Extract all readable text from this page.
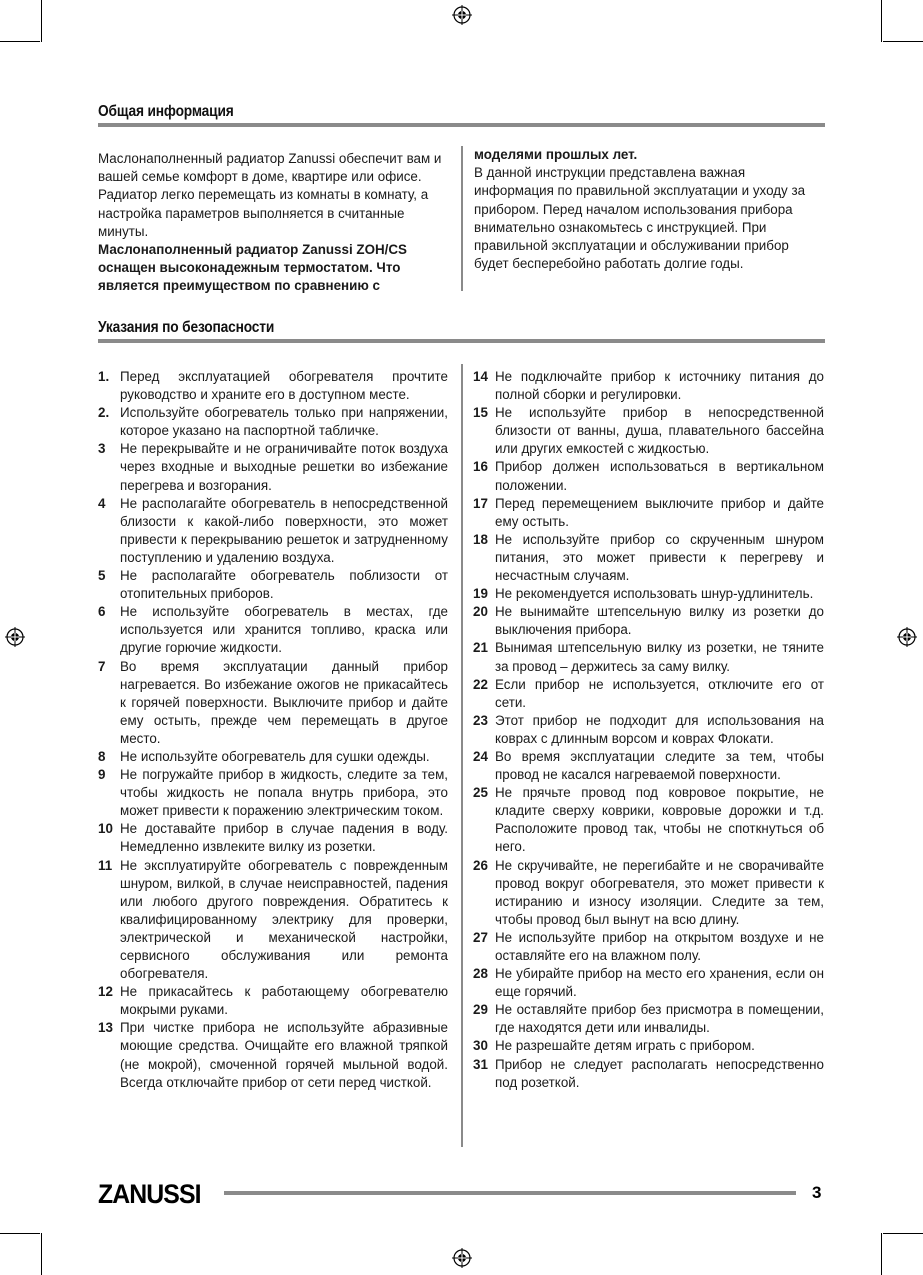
Общая информация

Маслонаполненный радиатор Zanussi обеспечит вам и вашей семье комфорт в доме, квартире или офисе. Радиатор легко перемещать из комнаты в комнату, а настройка параметров выполняется в считанные минуты.

Маслонаполненный радиатор Zanussi ZOH/CS оснащен высоконадежным термостатом. Что является преимуществом по сравнению с

моделями прошлых лет.

В данной инструкции представлена важная информация по правильной эксплуатации и уходу за прибором. Перед началом использования прибора внимательно ознакомьтесь с инструкцией. При правильной эксплуатации и обслуживании прибор будет бесперебойно работать долгие годы.

Указания по безопасности
1. Перед эксплуатацией обогревателя прочтите руководство и храните его в доступном месте.
2. Используйте обогреватель только при напряжении, которое указано на паспортной табличке.
3 Не перекрывайте и не ограничивайте поток воздуха через входные и выходные решетки во избежание перегрева и возгорания.
4 Не располагайте обогреватель в непосредственной близости к какой-либо поверхности, это может привести к перекрыванию решеток и затрудненному поступлению и удалению воздуха.
5 Не располагайте обогреватель поблизости от отопительных приборов.
6 Не используйте обогреватель в местах, где используется или хранится топливо, краска или другие горючие жидкости.
7 Во время эксплуатации данный прибор нагревается. Во избежание ожогов не прикасайтесь к горячей поверхности. Выключите прибор и дайте ему остыть, прежде чем перемещать в другое место.
8 Не используйте обогреватель для сушки одежды.
9 Не погружайте прибор в жидкость, следите за тем, чтобы жидкость не попала внутрь прибора, это может привести к поражению электрическим током.
10 Не доставайте прибор в случае падения в воду. Немедленно извлеките вилку из розетки.
11 Не эксплуатируйте обогреватель с поврежденным шнуром, вилкой, в случае неисправностей, падения или любого другого повреждения. Обратитесь к квалифицированному электрику для проверки, электрической и механической настройки, сервисного обслуживания или ремонта обогревателя.
12 Не прикасайтесь к работающему обогревателю мокрыми руками.
13 При чистке прибора не используйте абразивные моющие средства. Очищайте его влажной тряпкой (не мокрой), смоченной горячей мыльной водой. Всегда отключайте прибор от сети перед чисткой.
14 Не подключайте прибор к источнику питания до полной сборки и регулировки.
15 Не используйте прибор в непосредственной близости от ванны, душа, плавательного бассейна или других емкостей с жидкостью.
16 Прибор должен использоваться в вертикальном положении.
17 Перед перемещением выключите прибор и дайте ему остыть.
18 Не используйте прибор со скрученным шнуром питания, это может привести к перегреву и несчастным случаям.
19 Не рекомендуется использовать шнур-удлинитель.
20 Не вынимайте штепсельную вилку из розетки до выключения прибора.
21 Вынимая штепсельную вилку из розетки, не тяните за провод – держитесь за саму вилку.
22 Если прибор не используется, отключите его от сети.
23 Этот прибор не подходит для использования на коврах с длинным ворсом и коврах Флокати.
24 Во время эксплуатации следите за тем, чтобы провод не касался нагреваемой поверхности.
25 Не прячьте провод под ковровое покрытие, не кладите сверху коврики, ковровые дорожки и т.д. Расположите провод так, чтобы не споткнуться об него.
26 Не скручивайте, не перегибайте и не сворачивайте провод вокруг обогревателя, это может привести к истиранию и износу изоляции. Следите за тем, чтобы провод был вынут на всю длину.
27 Не используйте прибор на открытом воздухе и не оставляйте его на влажном полу.
28 Не убирайте прибор на место его хранения, если он еще горячий.
29 Не оставляйте прибор без присмотра в помещении, где находятся дети или инвалиды.
30 Не разрешайте детям играть с прибором.
31 Прибор не следует располагать непосредственно под розеткой.
ZANUSSI	3
